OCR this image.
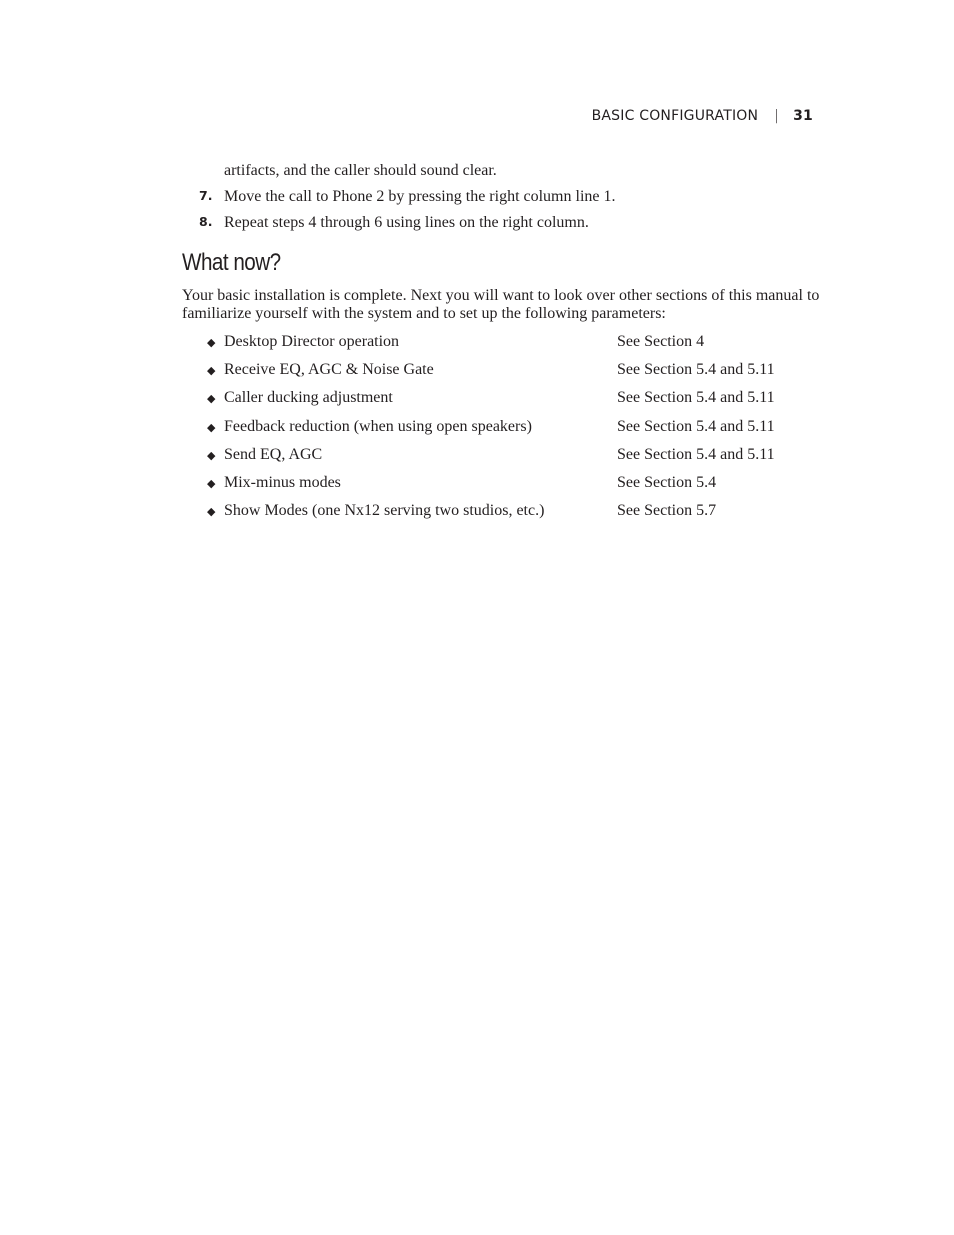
BASIC CONFIGURATION | 31
artifacts, and the caller should sound clear.
7. Move the call to Phone 2 by pressing the right column line 1.
8. Repeat steps 4 through 6 using lines on the right column.
What now?

Your basic installation is complete. Next you will want to look over other sections of this manual to familiarize yourself with the system and to set up the following parameters:

◆ Desktop Director operation	See Section 4
◆ Receive EQ, AGC & Noise Gate	See Section 5.4 and 5.11
◆ Caller ducking adjustment	See Section 5.4 and 5.11
◆ Feedback reduction (when using open speakers)	See Section 5.4 and 5.11
◆ Send EQ, AGC	See Section 5.4 and 5.11
◆ Mix-minus modes	See Section 5.4
◆ Show Modes (one Nx12 serving two studios, etc.)	See Section 5.7
